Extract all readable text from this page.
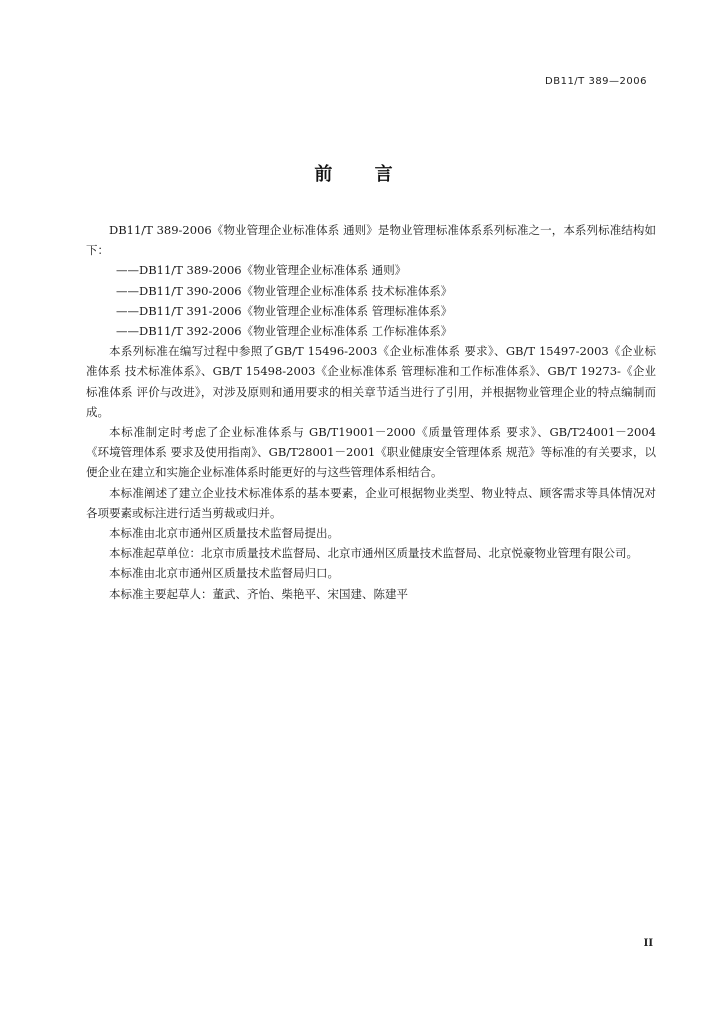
DB11/T 389—2006
前 言

DB11/T 389-2006《物业管理企业标准体系 通则》是物业管理标准体系系列标准之一，本系列标准结构如下：

——DB11/T 389-2006《物业管理企业标准体系 通则》

——DB11/T 390-2006《物业管理企业标准体系 技术标准体系》

——DB11/T 391-2006《物业管理企业标准体系 管理标准体系》

——DB11/T 392-2006《物业管理企业标准体系 工作标准体系》

本系列标准在编写过程中参照了GB/T 15496-2003《企业标准体系 要求》、GB/T 15497-2003《企业标准体系 技术标准体系》、GB/T 15498-2003《企业标准体系 管理标准和工作标准体系》、GB/T 19273-《企业标准体系 评价与改进》，对涉及原则和通用要求的相关章节适当进行了引用，并根据物业管理企业的特点编制而成。

本标准制定时考虑了企业标准体系与 GB/T19001－2000《质量管理体系 要求》、GB/T24001－2004《环境管理体系 要求及使用指南》、GB/T28001－2001《职业健康安全管理体系 规范》等标准的有关要求，以便企业在建立和实施企业标准体系时能更好的与这些管理体系相结合。

本标准阐述了建立企业技术标准体系的基本要素，企业可根据物业类型、物业特点、顾客需求等具体情况对各项要素或标注进行适当剪裁或归并。

本标准由北京市通州区质量技术监督局提出。

本标准起草单位：北京市质量技术监督局、北京市通州区质量技术监督局、北京悦豪物业管理有限公司。

本标准由北京市通州区质量技术监督局归口。

本标准主要起草人：董武、齐怡、柴艳平、宋国建、陈建平

II
